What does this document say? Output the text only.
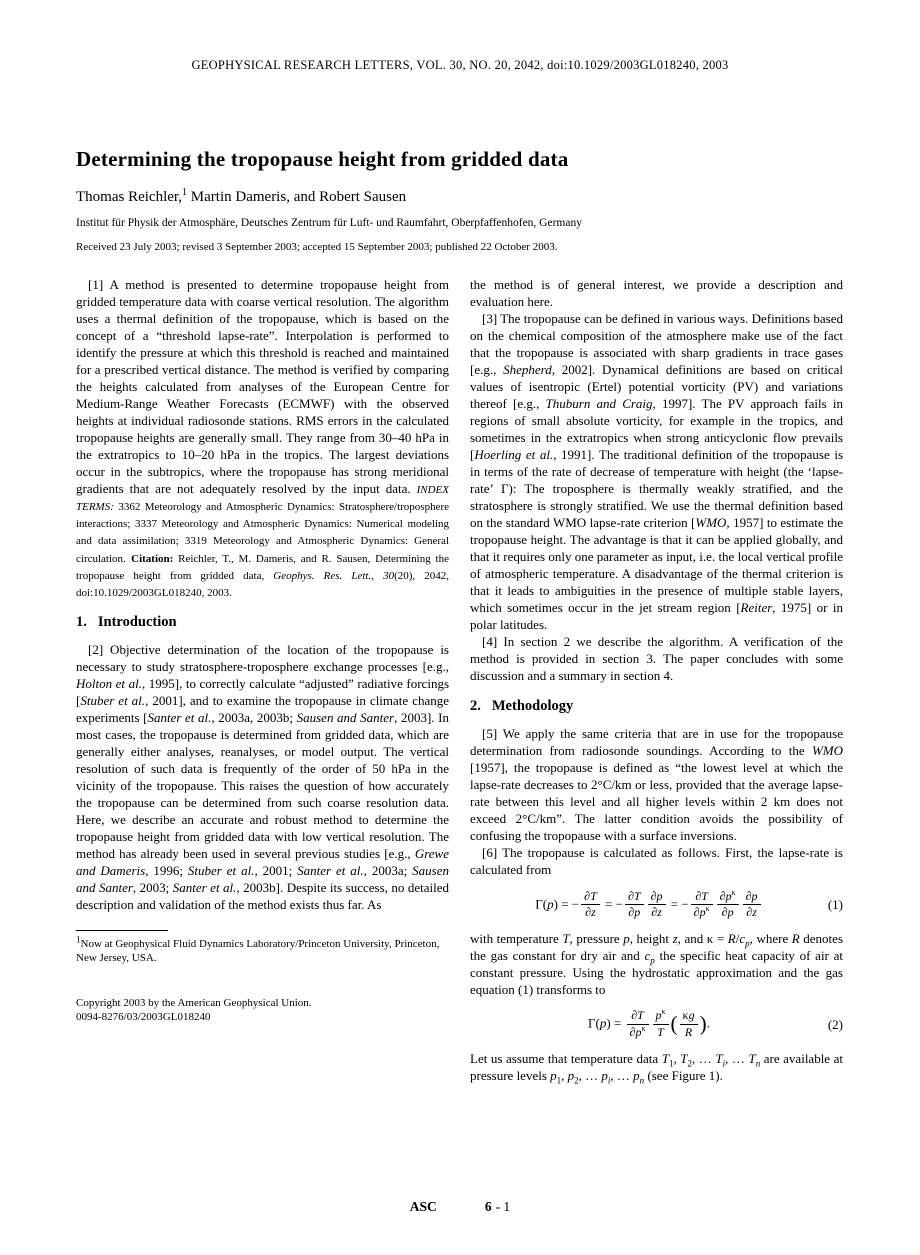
GEOPHYSICAL RESEARCH LETTERS, VOL. 30, NO. 20, 2042, doi:10.1029/2003GL018240, 2003
Determining the tropopause height from gridded data
Thomas Reichler,$^1$ Martin Dameris, and Robert Sausen
Institut für Physik der Atmosphäre, Deutsches Zentrum für Luft- und Raumfahrt, Oberpfaffenhofen, Germany
Received 23 July 2003; revised 3 September 2003; accepted 15 September 2003; published 22 October 2003.

[1] A method is presented to determine tropopause height from gridded temperature data with coarse vertical resolution. The algorithm uses a thermal definition of the tropopause, which is based on the concept of a “threshold lapse-rate”. Interpolation is performed to identify the pressure at which this threshold is reached and maintained for a prescribed vertical distance. The method is verified by comparing the heights calculated from analyses of the European Centre for Medium-Range Weather Forecasts (ECMWF) with the observed heights at individual radiosonde stations. RMS errors in the calculated tropopause heights are generally small. They range from 30–40 hPa in the extratropics to 10–20 hPa in the tropics. The largest deviations occur in the subtropics, where the tropopause has strong meridional gradients that are not adequately resolved by the input data. INDEX TERMS: 3362 Meteorology and Atmospheric Dynamics: Stratosphere/troposphere interactions; 3337 Meteorology and Atmospheric Dynamics: Numerical modeling and data assimilation; 3319 Meteorology and Atmospheric Dynamics: General circulation. Citation: Reichler, T., M. Dameris, and R. Sausen, Determining the tropopause height from gridded data, Geophys. Res. Lett., 30(20), 2042, doi:10.1029/2003GL018240, 2003.

1. Introduction

[2] Objective determination of the location of the tropopause is necessary to study stratosphere-troposphere exchange processes [e.g., Holton et al., 1995], to correctly calculate “adjusted” radiative forcings [Stuber et al., 2001], and to examine the tropopause in climate change experiments [Santer et al., 2003a, 2003b; Sausen and Santer, 2003]. In most cases, the tropopause is determined from gridded data, which are generally either analyses, reanalyses, or model output. The vertical resolution of such data is frequently of the order of 50 hPa in the vicinity of the tropopause. This raises the question of how accurately the tropopause can be determined from such coarse resolution data. Here, we describe an accurate and robust method to determine the tropopause height from gridded data with low vertical resolution. The method has already been used in several previous studies [e.g., Grewe and Dameris, 1996; Stuber et al., 2001; Santer et al., 2003a; Sausen and Santer, 2003; Santer et al., 2003b]. Despite its success, no detailed description and validation of the method exists thus far. As

$^1$Now at Geophysical Fluid Dynamics Laboratory/Princeton University, Princeton, New Jersey, USA.

Copyright 2003 by the American Geophysical Union.
0094-8276/03/2003GL018240

the method is of general interest, we provide a description and evaluation here.

[3] The tropopause can be defined in various ways. Definitions based on the chemical composition of the atmosphere make use of the fact that the tropopause is associated with sharp gradients in trace gases [e.g., Shepherd, 2002]. Dynamical definitions are based on critical values of isentropic (Ertel) potential vorticity (PV) and variations thereof [e.g., Thuburn and Craig, 1997]. The PV approach fails in regions of small absolute vorticity, for example in the tropics, and sometimes in the extratropics when strong anticyclonic flow prevails [Hoerling et al., 1991]. The traditional definition of the tropopause is in terms of the rate of decrease of temperature with height (the ‘lapse-rate’ Γ): The troposphere is thermally weakly stratified, and the stratosphere is strongly stratified. We use the thermal definition based on the standard WMO lapse-rate criterion [WMO, 1957] to estimate the tropopause height. The advantage is that it can be applied globally, and that it requires only one parameter as input, i.e. the local vertical profile of atmospheric temperature. A disadvantage of the thermal criterion is that it leads to ambiguities in the presence of multiple stable layers, which sometimes occur in the jet stream region [Reiter, 1975] or in polar latitudes.

[4] In section 2 we describe the algorithm. A verification of the method is provided in section 3. The paper concludes with some discussion and a summary in section 4.

2. Methodology

[5] We apply the same criteria that are in use for the tropopause determination from radiosonde soundings. According to the WMO [1957], the tropopause is defined as “the lowest level at which the lapse-rate decreases to 2°C/km or less, provided that the average lapse-rate between this level and all higher levels within 2 km does not exceed 2°C/km”. The latter condition avoids the possibility of confusing the tropopause with a surface inversions.

[6] The tropopause is calculated as follows. First, the lapse-rate is calculated from

Γ(p) = − $\frac{\partial T}{\partial z}$ = − $\frac{\partial T}{\partial p} \frac{\partial p}{\partial z}$ = − $\frac{\partial T}{\partial p^\kappa} \frac{\partial p^\kappa}{\partial p} \frac{\partial p}{\partial z}$	(1)

with temperature T, pressure p, height z, and $\kappa = R/c_p$, where R denotes the gas constant for dry air and $c_p$ the specific heat capacity of air at constant pressure. Using the hydrostatic approximation and the gas equation (1) transforms to

$\Gamma(p) = \frac{\partial T}{\partial p^\kappa} \frac{p^\kappa}{T}$ ( $\frac{\kappa g}{R}$ ).	(2)

Let us assume that temperature data $T_1$, $T_2$, … $T_i$, … $T_n$ are available at pressure levels $p_1$, $p_2$, … $p_i$, … $p_n$ (see Figure 1).

ASC	6 - 1
